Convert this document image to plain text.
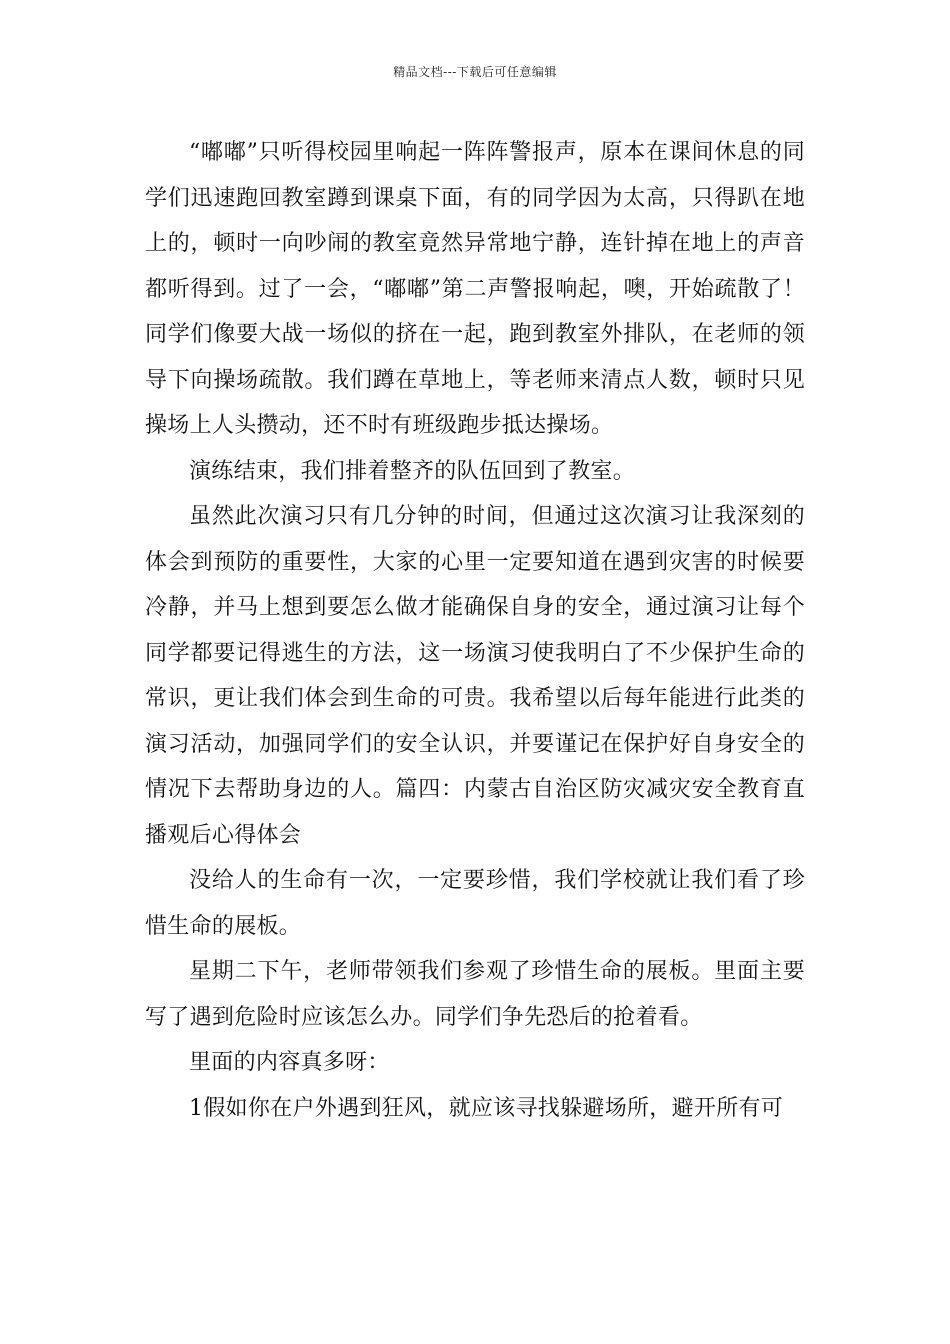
精品文档---下载后可任意编辑

“嘟嘟”只听得校园里响起一阵阵警报声，原本在课间休息的同学们迅速跑回教室蹲到课桌下面，有的同学因为太高，只得趴在地上的，顿时一向吵闹的教室竟然异常地宁静，连针掉在地上的声音都听得到。过了一会，“嘟嘟”第二声警报响起，噢，开始疏散了！同学们像要大战一场似的挤在一起，跑到教室外排队，在老师的领导下向操场疏散。我们蹲在草地上，等老师来清点人数，顿时只见操场上人头攒动，还不时有班级跑步抵达操场。

演练结束，我们排着整齐的队伍回到了教室。

虽然此次演习只有几分钟的时间，但通过这次演习让我深刻的体会到预防的重要性，大家的心里一定要知道在遇到灾害的时候要冷静，并马上想到要怎么做才能确保自身的安全，通过演习让每个同学都要记得逃生的方法，这一场演习使我明白了不少保护生命的常识，更让我们体会到生命的可贵。我希望以后每年能进行此类的演习活动，加强同学们的安全认识，并要谨记在保护好自身安全的情况下去帮助身边的人。篇四：内蒙古自治区防灾减灾安全教育直播观后心得体会

没给人的生命有一次，一定要珍惜，我们学校就让我们看了珍惜生命的展板。

星期二下午，老师带领我们参观了珍惜生命的展板。里面主要写了遇到危险时应该怎么办。同学们争先恐后的抢着看。

里面的内容真多呀：

1假如你在户外遇到狂风，就应该寻找躲避场所，避开所有可
